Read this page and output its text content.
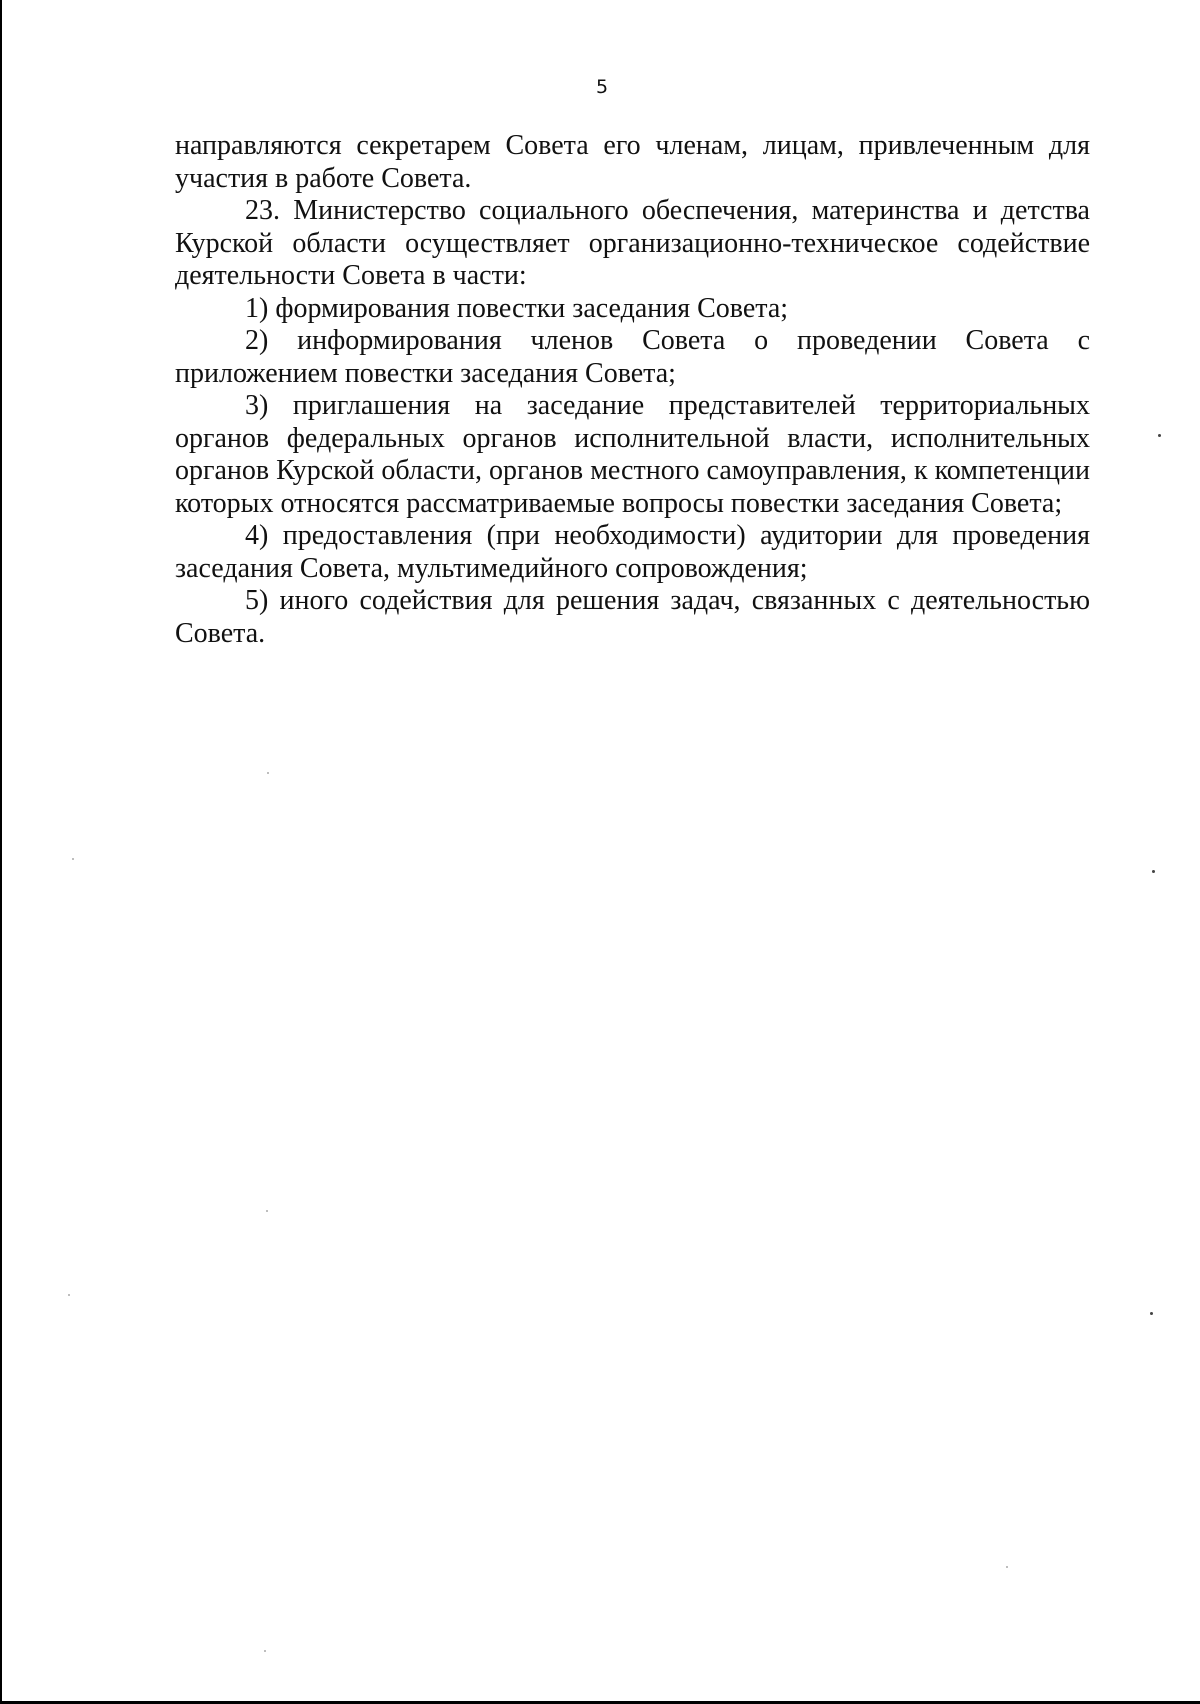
5

направляются секретарем Совета его членам, лицам, привлеченным для участия в работе Совета.

23. Министерство социального обеспечения, материнства и детства Курской области осуществляет организационно-техническое содействие деятельности Совета в части:

1) формирования повестки заседания Совета;

2) информирования членов Совета о проведении Совета с приложением повестки заседания Совета;

3) приглашения на заседание представителей территориальных органов федеральных органов исполнительной власти, исполнительных органов Курской области, органов местного самоуправления, к компетенции которых относятся рассматриваемые вопросы повестки заседания Совета;

4) предоставления (при необходимости) аудитории для проведения заседания Совета, мультимедийного сопровождения;

5) иного содействия для решения задач, связанных с деятельностью Совета.
